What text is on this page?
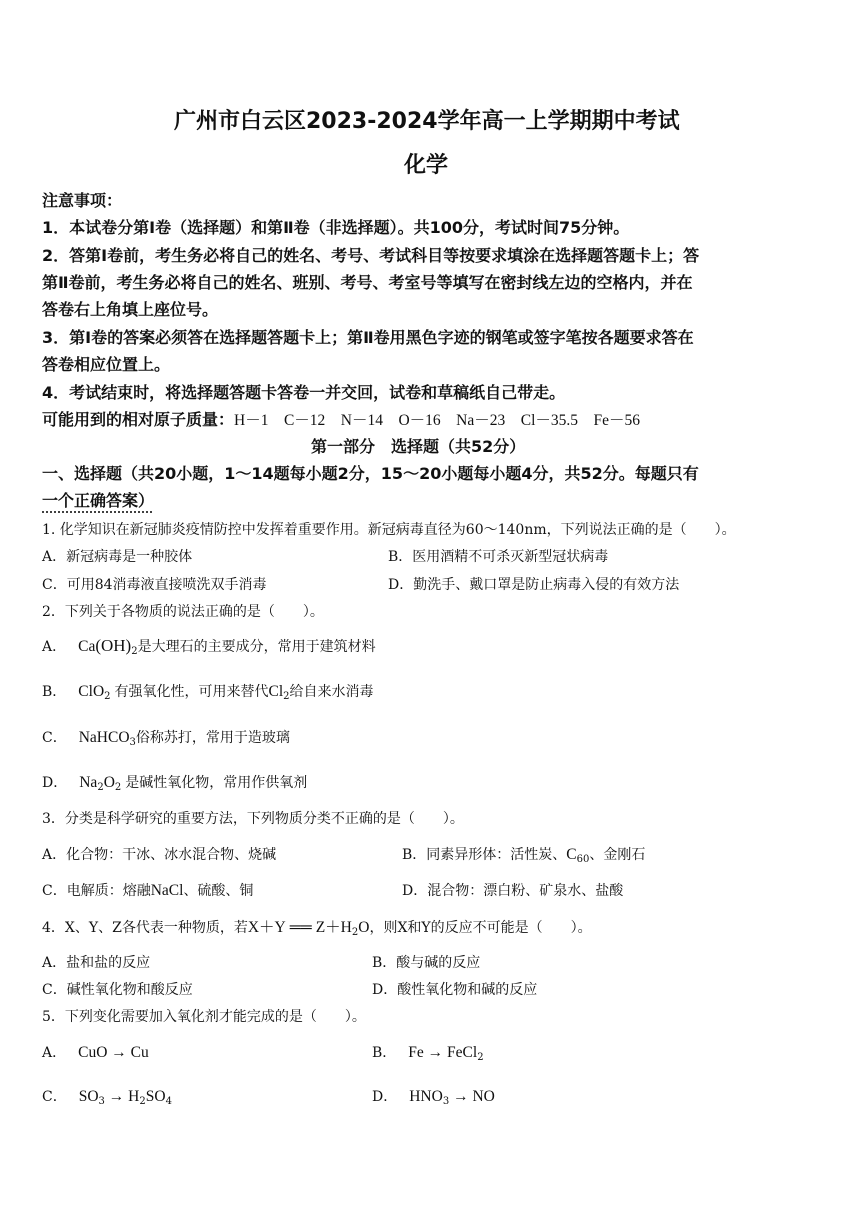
广州市白云区2023-2024学年高一上学期期中考试
化学
注意事项：
1．本试卷分第Ⅰ卷（选择题）和第Ⅱ卷（非选择题）。共100分，考试时间75分钟。
2．答第Ⅰ卷前，考生务必将自己的姓名、考号、考试科目等按要求填涂在选择题答题卡上；答
第Ⅱ卷前，考生务必将自己的姓名、班别、考号、考室号等填写在密封线左边的空格内，并在
答卷右上角填上座位号。
3．第Ⅰ卷的答案必须答在选择题答题卡上；第Ⅱ卷用黑色字迹的钢笔或签字笔按各题要求答在
答卷相应位置上。
4．考试结束时，将选择题答题卡答卷一并交回，试卷和草稿纸自己带走。
可能用到的相对原子质量：H－1　C－12　N－14　O－16　Na－23　Cl－35.5　Fe－56
第一部分　选择题（共52分）
一、选择题（共20小题，1～14题每小题2分，15～20小题每小题4分，共52分。每题只有
一个正确答案）
1. 化学知识在新冠肺炎疫情防控中发挥着重要作用。新冠病毒直径为60～140nm，下列说法正确的是（　　）。
A．新冠病毒是一种胶体	B．医用酒精不可杀灭新型冠状病毒
C．可用84消毒液直接喷洗双手消毒	D．勤洗手、戴口罩是防止病毒入侵的有效方法
2．下列关于各物质的说法正确的是（　　）。
A． $Ca(OH)_2$是大理石的主要成分，常用于建筑材料
B． ClO$_2$ 有强氧化性，可用来替代$Cl_2$给自来水消毒
C． NaHCO$_3$俗称苏打，常用于造玻璃
D． $Na_2O_2$ 是碱性氧化物，常用作供氧剂
3．分类是科学研究的重要方法，下列物质分类不正确的是（　　）。
A．化合物：干冰、冰水混合物、烧碱	B．同素异形体：活性炭、$C_{60}$、金刚石
C．电解质：熔融NaCl、硫酸、铜	D．混合物：漂白粉、矿泉水、盐酸
4．X、Y、Z各代表一种物质，若X＋Y ══ $Z+H_2O$，则X和Y的反应不可能是（　　）。
A．盐和盐的反应	B．酸与碱的反应
C．碱性氧化物和酸反应	D．酸性氧化物和碱的反应
5．下列变化需要加入氧化剂才能完成的是（　　）。
A． CuO → Cu	B． Fe → FeCl$_2$
C． $SO_3 \to H_2SO_4$	D． $HNO_3$ → NO
